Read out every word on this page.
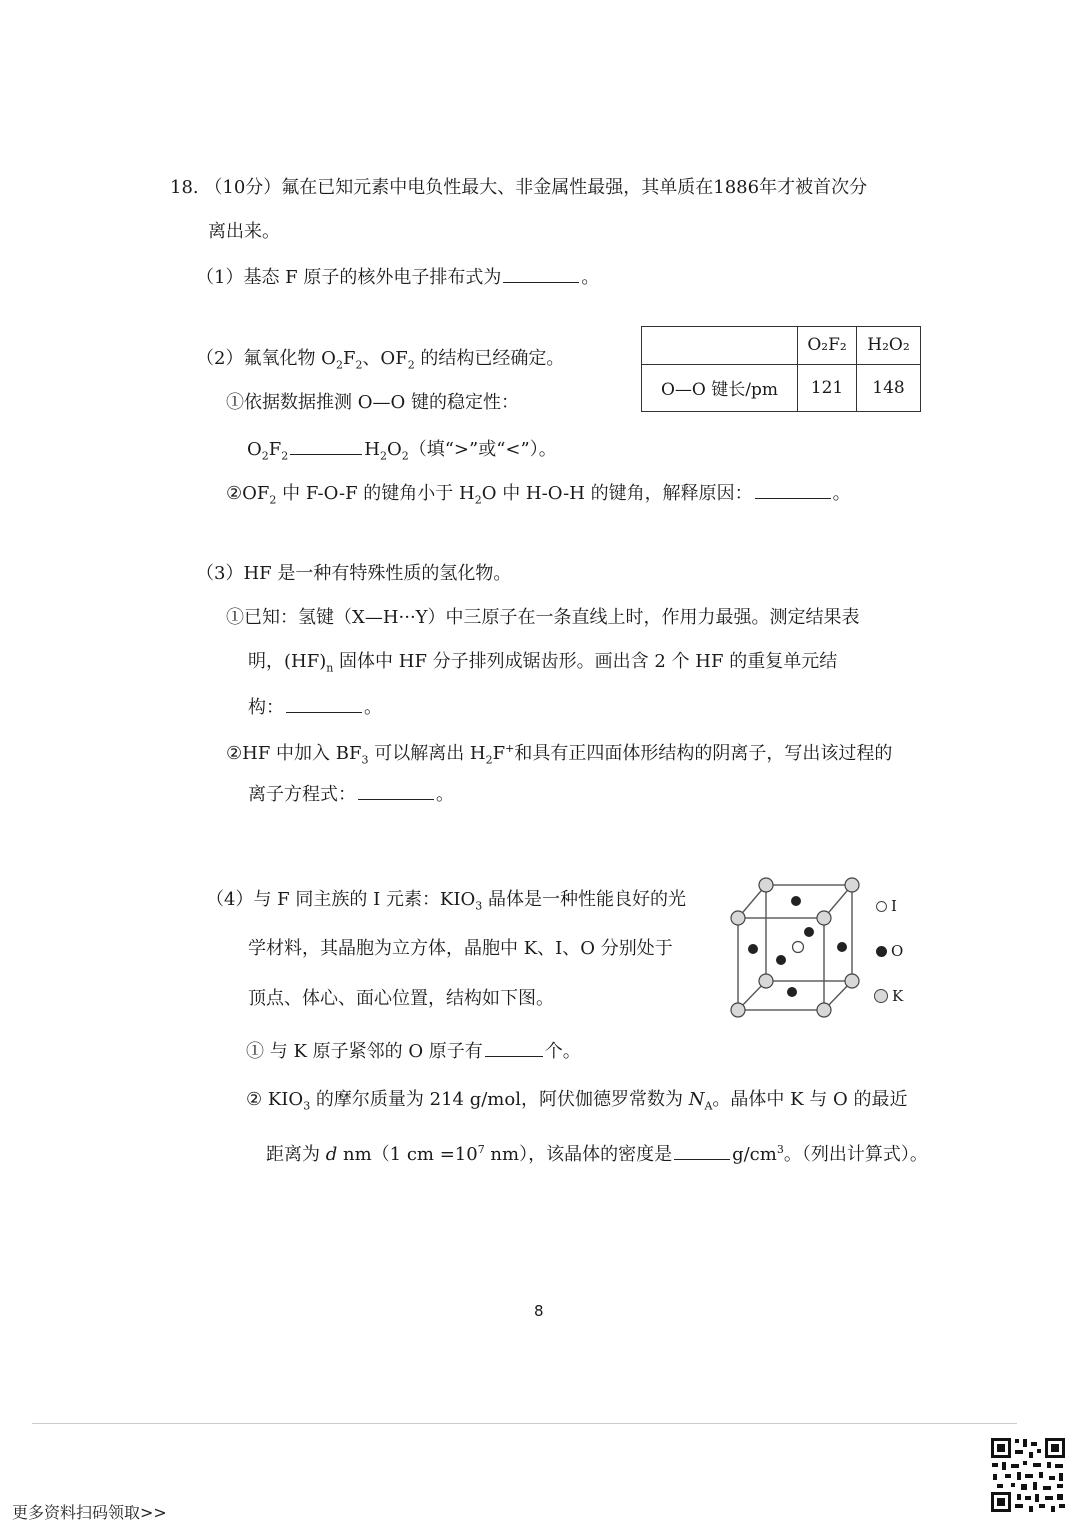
18. （10分）氟在已知元素中电负性最大、非金属性最强，其单质在1886年才被首次分
离出来。
（1）基态 F 原子的核外电子排布式为	。
（2）氟氧化物 $O_2F_2$、$OF_2$ 的结构已经确定。
①依据数据推测 O—O 键的稳定性：
$O_2F_2$	$H_2O_2$（填“>”或“<”）。
$②OF_2$ 中 F-O-F 的键角小于 $H_2O$ 中 H-O-H 的键角，解释原因：	。
	O₂F₂	H₂O₂
O—O 键长/pm	121	148
（3）HF 是一种有特殊性质的氢化物。
①已知：氢键（X—H···Y）中三原子在一条直线上时，作用力最强。测定结果表
明，$(HF)_n$ 固体中 HF 分子排列成锯齿形。画出含 2 个 HF 的重复单元结
构：	。
②HF 中加入 $BF_3$ 可以解离出 $H_2F^+$和具有正四面体形结构的阴离子，写出该过程的
离子方程式：	。
（4）与 F 同主族的 I 元素：$KIO_3$ 晶体是一种性能良好的光
学材料，其晶胞为立方体，晶胞中 K、I、O 分别处于
顶点、体心、面心位置，结构如下图。
① 与 K 原子紧邻的 O 原子有	个。
② $KIO_3$ 的摩尔质量为 214 g/mol，阿伏伽德罗常数为 $N_A$。晶体中 K 与 O 的最近
距离为 d nm（1 cm $=10^7$ nm），该晶体的密度是	$g/cm^3$。（列出计算式）。
I
O
K
8
更多资料扫码领取>>
